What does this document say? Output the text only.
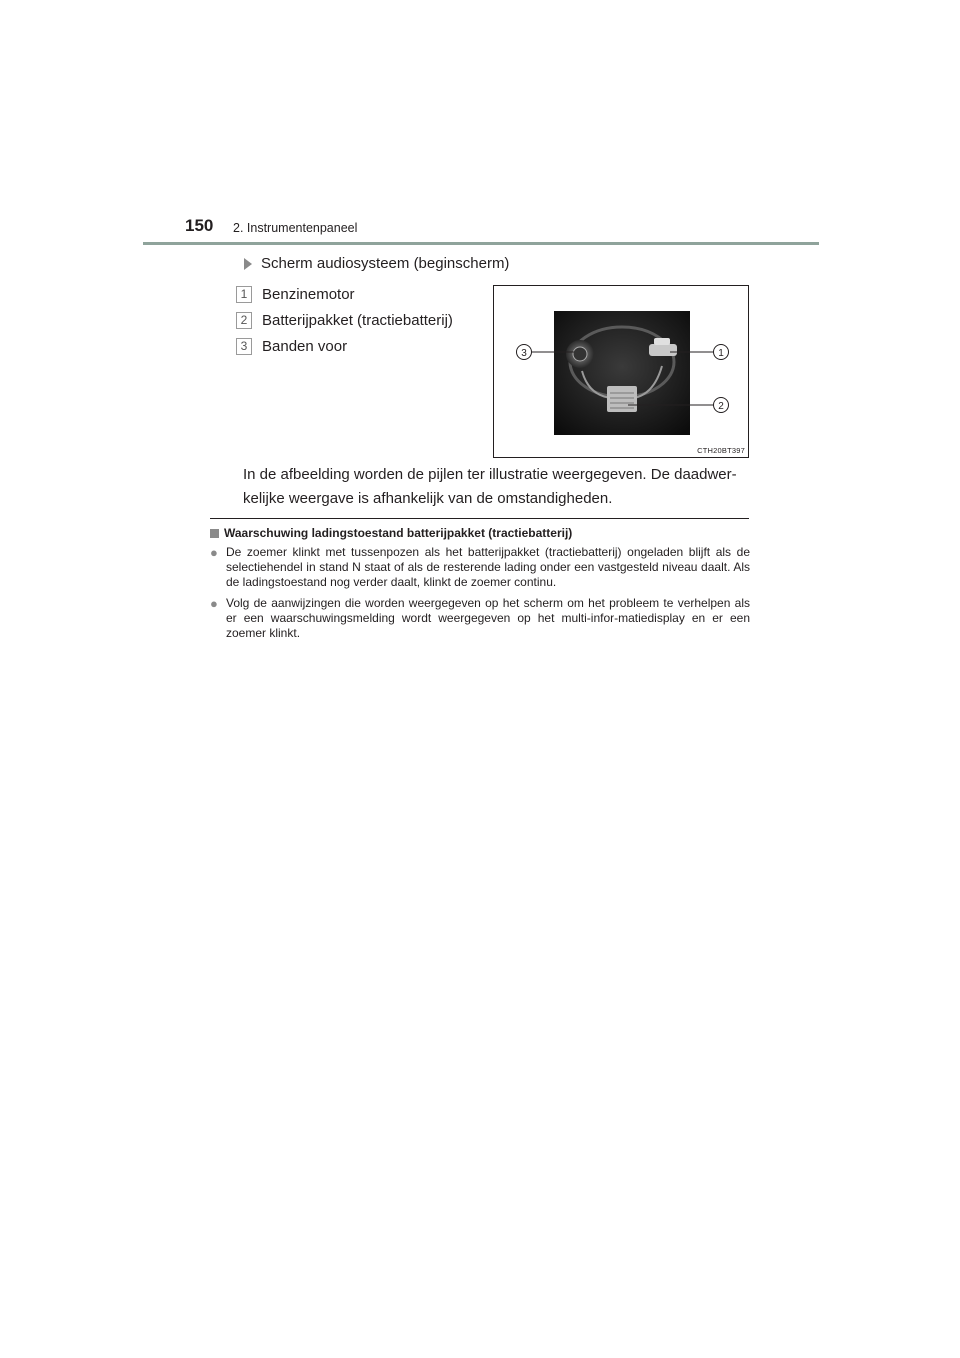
150 2. Instrumentenpaneel
Scherm audiosysteem (beginscherm)
1 Benzinemotor
2 Batterijpakket (tractiebatterij)
3 Banden voor	3	1
2
CTH20BT397
In de afbeelding worden de pijlen ter illustratie weergegeven. De daadwer-kelijke weergave is afhankelijk van de omstandigheden.
Waarschuwing ladingstoestand batterijpakket (tractiebatterij)
● De zoemer klinkt met tussenpozen als het batterijpakket (tractiebatterij) ongeladen blijft als de selectiehendel in stand N staat of als de resterende lading onder een vastgesteld niveau daalt. Als de ladingstoestand nog verder daalt, klinkt de zoemer continu.
● Volg de aanwijzingen die worden weergegeven op het scherm om het probleem te verhelpen als er een waarschuwingsmelding wordt weergegeven op het multi-infor-matiedisplay en er een zoemer klinkt.
